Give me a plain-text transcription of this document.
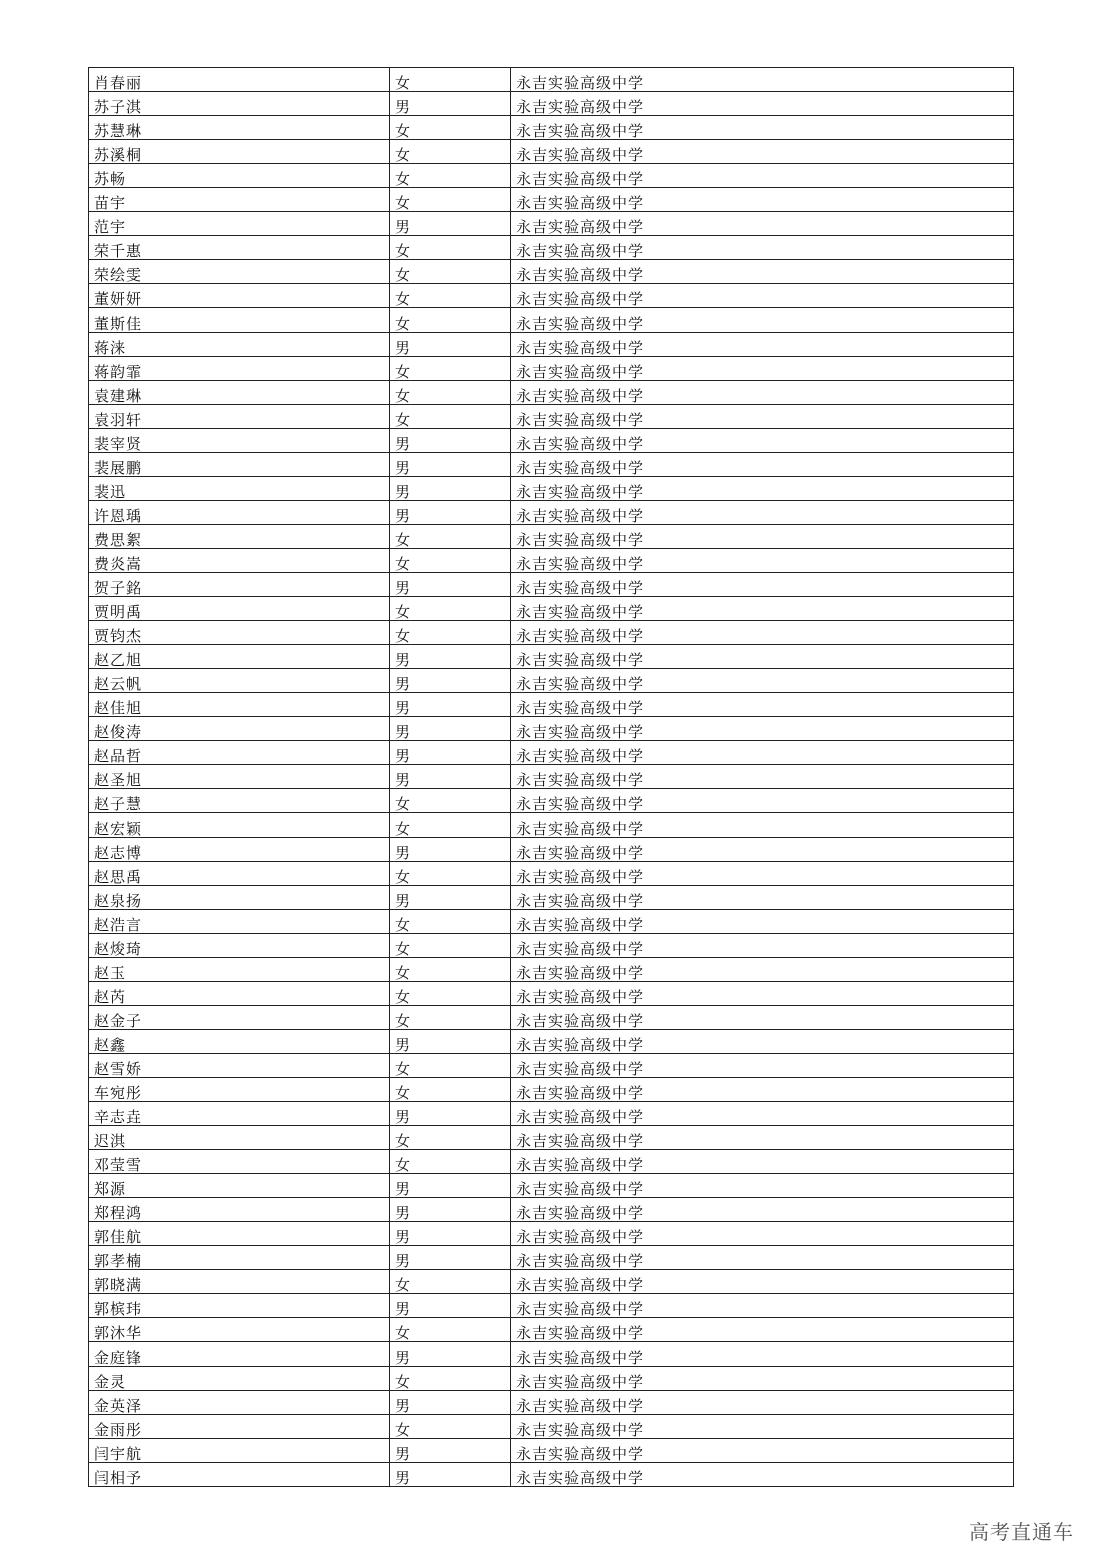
肖春丽	女	永吉实验高级中学
苏子淇	男	永吉实验高级中学
苏慧琳	女	永吉实验高级中学
苏溪桐	女	永吉实验高级中学
苏畅	女	永吉实验高级中学
苗宇	女	永吉实验高级中学
范宇	男	永吉实验高级中学
荣千惠	女	永吉实验高级中学
荣绘雯	女	永吉实验高级中学
董妍妍	女	永吉实验高级中学
董斯佳	女	永吉实验高级中学
蒋涞	男	永吉实验高级中学
蒋韵霏	女	永吉实验高级中学
袁建琳	女	永吉实验高级中学
袁羽轩	女	永吉实验高级中学
裴宰贤	男	永吉实验高级中学
裴展鹏	男	永吉实验高级中学
裴迅	男	永吉实验高级中学
许恩瑀	男	永吉实验高级中学
费思絮	女	永吉实验高级中学
费炎嵩	女	永吉实验高级中学
贺子銘	男	永吉实验高级中学
贾明禹	女	永吉实验高级中学
贾钧杰	女	永吉实验高级中学
赵乙旭	男	永吉实验高级中学
赵云帆	男	永吉实验高级中学
赵佳旭	男	永吉实验高级中学
赵俊涛	男	永吉实验高级中学
赵品哲	男	永吉实验高级中学
赵圣旭	男	永吉实验高级中学
赵子慧	女	永吉实验高级中学
赵宏颖	女	永吉实验高级中学
赵志博	男	永吉实验高级中学
赵思禹	女	永吉实验高级中学
赵泉扬	男	永吉实验高级中学
赵浩言	女	永吉实验高级中学
赵焌琦	女	永吉实验高级中学
赵玉	女	永吉实验高级中学
赵芮	女	永吉实验高级中学
赵金子	女	永吉实验高级中学
赵鑫	男	永吉实验高级中学
赵雪娇	女	永吉实验高级中学
车宛彤	女	永吉实验高级中学
辛志垚	男	永吉实验高级中学
迟淇	女	永吉实验高级中学
邓莹雪	女	永吉实验高级中学
郑源	男	永吉实验高级中学
郑程鸿	男	永吉实验高级中学
郭佳航	男	永吉实验高级中学
郭孝楠	男	永吉实验高级中学
郭晓满	女	永吉实验高级中学
郭槟玮	男	永吉实验高级中学
郭沐华	女	永吉实验高级中学
金庭锋	男	永吉实验高级中学
金灵	女	永吉实验高级中学
金英泽	男	永吉实验高级中学
金雨彤	女	永吉实验高级中学
闫宇航	男	永吉实验高级中学
闫相予	男	永吉实验高级中学
高考直通车
